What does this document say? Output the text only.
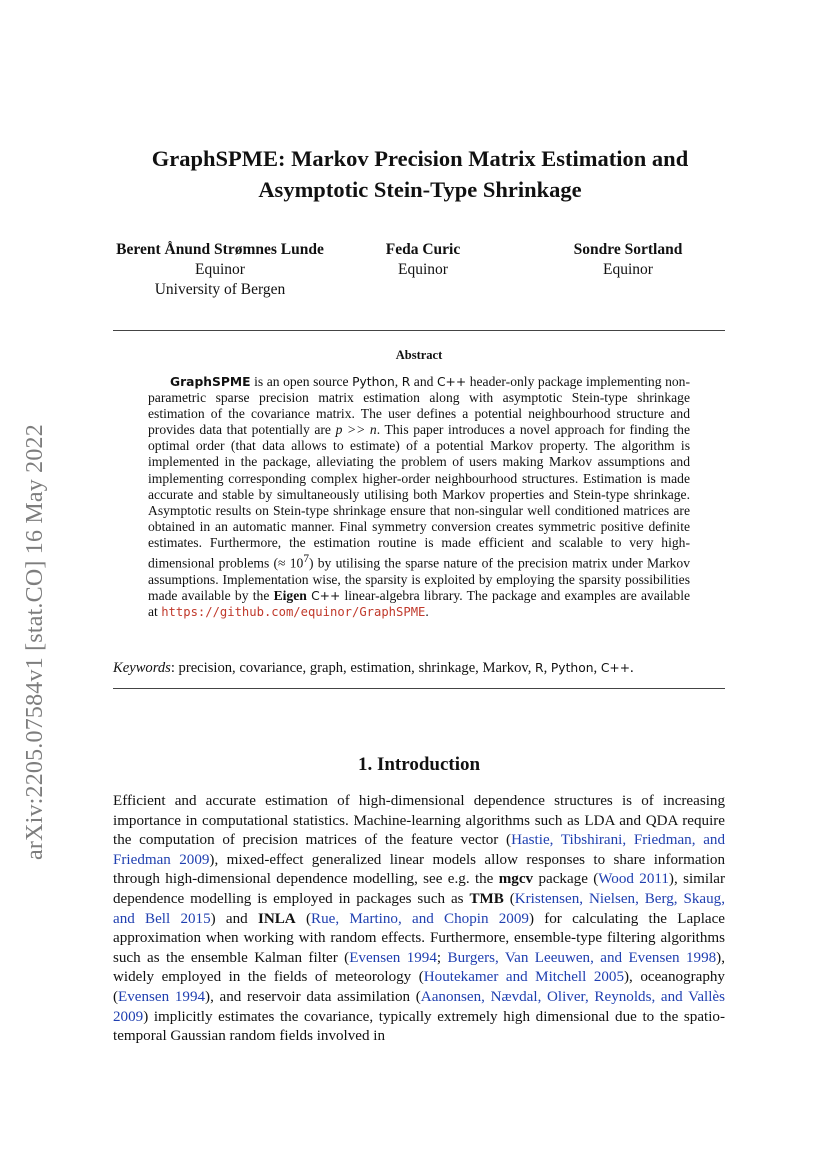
arXiv:2205.07584v1 [stat.CO] 16 May 2022
GraphSPME: Markov Precision Matrix Estimation and
Asymptotic Stein-Type Shrinkage
Berent Ånund Strømnes Lunde
Equinor
University of Bergen
Feda Curic
Equinor
Sondre Sortland
Equinor
Abstract

GraphSPME is an open source Python, R and C++ header-only package implementing non-parametric sparse precision matrix estimation along with asymptotic Stein-type shrinkage estimation of the covariance matrix. The user defines a potential neighbourhood structure and provides data that potentially are p >> n. This paper introduces a novel approach for finding the optimal order (that data allows to estimate) of a potential Markov property. The algorithm is implemented in the package, alleviating the problem of users making Markov assumptions and implementing corresponding complex higher-order neighbourhood structures. Estimation is made accurate and stable by simultaneously utilising both Markov properties and Stein-type shrinkage. Asymptotic results on Stein-type shrinkage ensure that non-singular well conditioned matrices are obtained in an automatic manner. Final symmetry conversion creates symmetric positive definite estimates. Furthermore, the estimation routine is made efficient and scalable to very high-dimensional problems (≈ $10^7$) by utilising the sparse nature of the precision matrix under Markov assumptions. Implementation wise, the sparsity is exploited by employing the sparsity possibilities made available by the Eigen C++ linear-algebra library. The package and examples are available at https://github.com/equinor/GraphSPME.

Keywords: precision, covariance, graph, estimation, shrinkage, Markov, R, Python, C++.
1. Introduction

Efficient and accurate estimation of high-dimensional dependence structures is of increasing importance in computational statistics. Machine-learning algorithms such as LDA and QDA require the computation of precision matrices of the feature vector (Hastie, Tibshirani, Friedman, and Friedman 2009), mixed-effect generalized linear models allow responses to share information through high-dimensional dependence modelling, see e.g. the mgcv package (Wood 2011), similar dependence modelling is employed in packages such as TMB (Kristensen, Nielsen, Berg, Skaug, and Bell 2015) and INLA (Rue, Martino, and Chopin 2009) for calculating the Laplace approximation when working with random effects. Furthermore, ensemble-type filtering algorithms such as the ensemble Kalman filter (Evensen 1994; Burgers, Van Leeuwen, and Evensen 1998), widely employed in the fields of meteorology (Houtekamer and Mitchell 2005), oceanography (Evensen 1994), and reservoir data assimilation (Aanonsen, Nævdal, Oliver, Reynolds, and Vallès 2009) implicitly estimates the covariance, typically extremely high dimensional due to the spatio-temporal Gaussian random fields involved in
